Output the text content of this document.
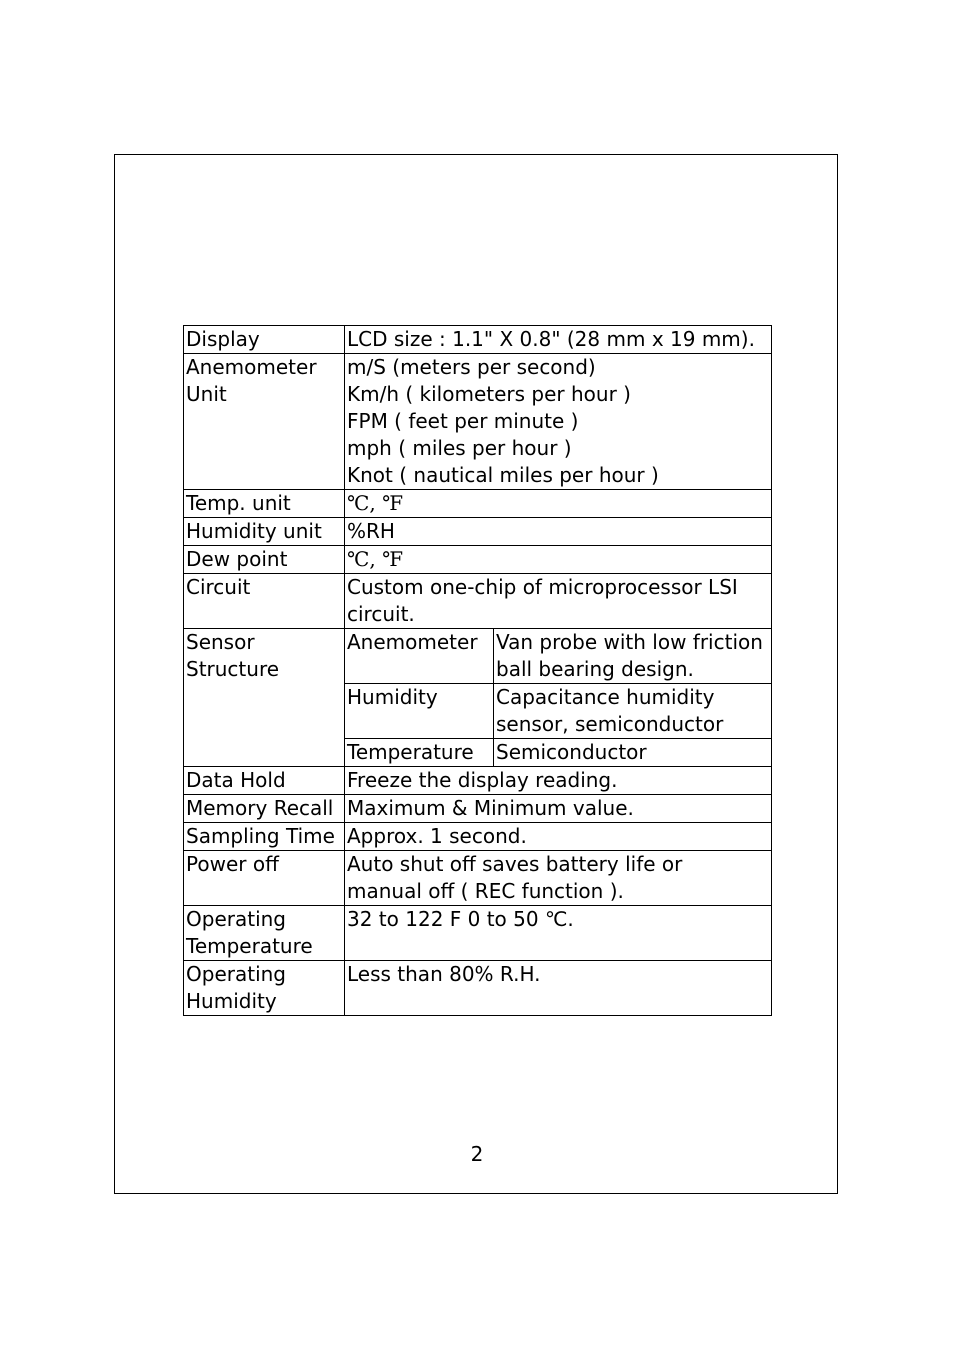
Display	LCD size : 1.1" X 0.8" (28 mm x 19 mm).	

Anemometer
Unit	m/S (meters per second)
Km/h ( kilometers per hour )
FPM ( feet per minute )
mph ( miles per hour )
Knot ( nautical miles per hour )	

Temp. unit	℃, ℉	
Humidity unit	%RH	
Dew point	℃, ℉	
Circuit	Custom one-chip of microprocessor LSI
circuit.	

Sensor
Structure	Anemometer	Van probe with low friction
ball bearing design.

	Humidity	Capacitance humidity
sensor, semiconductor

	Temperature	Semiconductor
Data Hold	Freeze the display reading.	
Memory Recall	Maximum & Minimum value.	
Sampling Time	Approx. 1 second.	
Power off	Auto shut off saves battery life or
manual off ( REC function ).	

Operating
Temperature	32 to 122 F 0 to 50 ℃.	

Operating
Humidity	Less than 80% R.H.	
2
